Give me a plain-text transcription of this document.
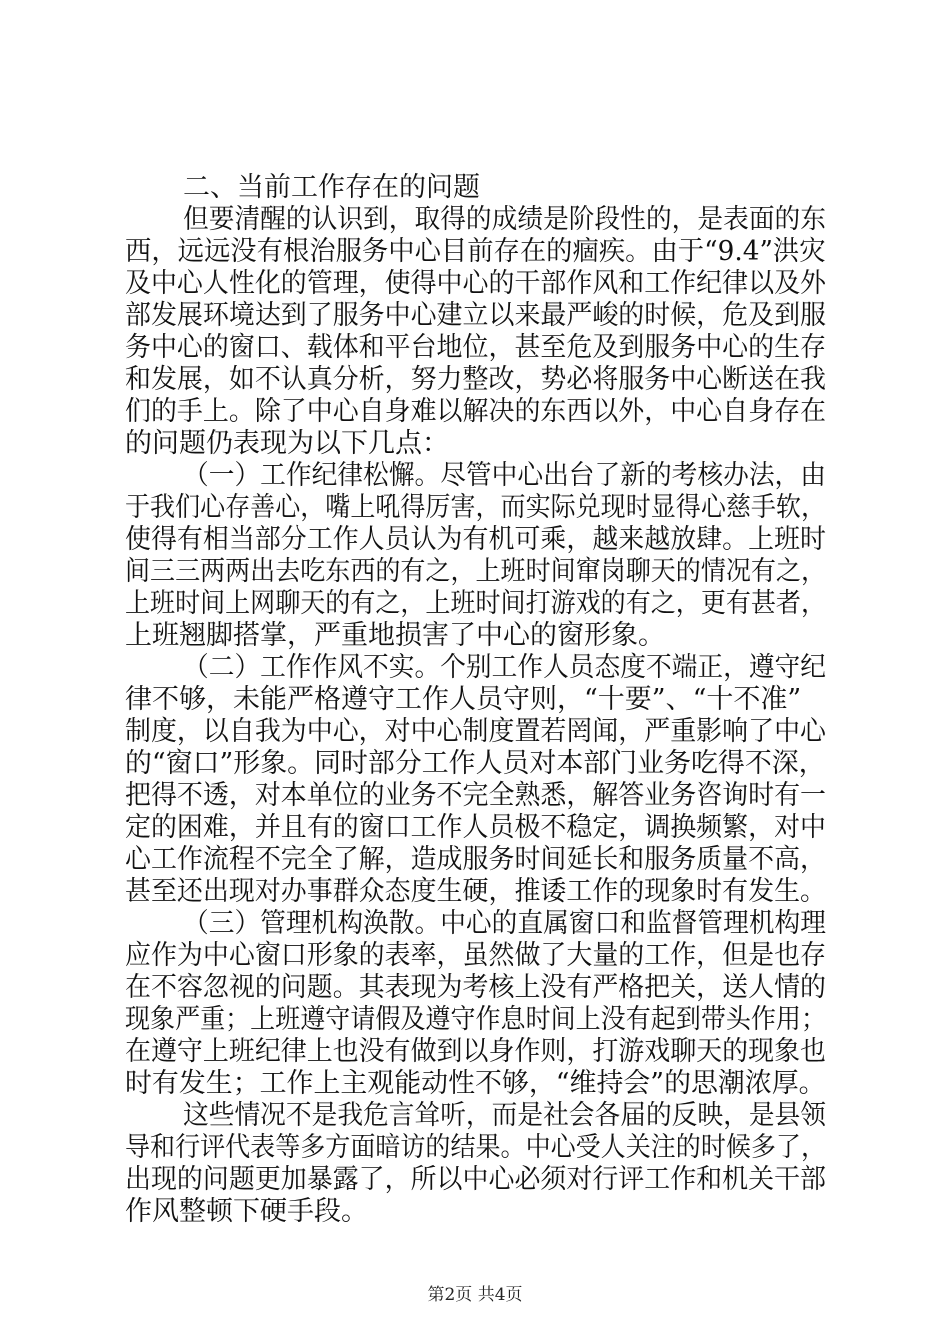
二、当前工作存在的问题
但要清醒的认识到，取得的成绩是阶段性的，是表面的东
西，远远没有根治服务中心目前存在的痼疾。由于“9.4”洪灾
及中心人性化的管理，使得中心的干部作风和工作纪律以及外
部发展环境达到了服务中心建立以来最严峻的时候，危及到服
务中心的窗口、载体和平台地位，甚至危及到服务中心的生存
和发展，如不认真分析，努力整改，势必将服务中心断送在我
们的手上。除了中心自身难以解决的东西以外，中心自身存在
的问题仍表现为以下几点：
（一）工作纪律松懈。尽管中心出台了新的考核办法，由
于我们心存善心，嘴上吼得厉害，而实际兑现时显得心慈手软，
使得有相当部分工作人员认为有机可乘，越来越放肆。上班时
间三三两两出去吃东西的有之，上班时间窜岗聊天的情况有之，
上班时间上网聊天的有之，上班时间打游戏的有之，更有甚者，
上班翘脚搭掌，严重地损害了中心的窗形象。
（二）工作作风不实。个别工作人员态度不端正，遵守纪
律不够，未能严格遵守工作人员守则，“十要”、“十不准”
制度，以自我为中心，对中心制度置若罔闻，严重影响了中心
的“窗口”形象。同时部分工作人员对本部门业务吃得不深，
把得不透，对本单位的业务不完全熟悉，解答业务咨询时有一
定的困难，并且有的窗口工作人员极不稳定，调换频繁，对中
心工作流程不完全了解，造成服务时间延长和服务质量不高，
甚至还出现对办事群众态度生硬，推诿工作的现象时有发生。
（三）管理机构涣散。中心的直属窗口和监督管理机构理
应作为中心窗口形象的表率，虽然做了大量的工作，但是也存
在不容忽视的问题。其表现为考核上没有严格把关，送人情的
现象严重；上班遵守请假及遵守作息时间上没有起到带头作用；
在遵守上班纪律上也没有做到以身作则，打游戏聊天的现象也
时有发生；工作上主观能动性不够，“维持会”的思潮浓厚。
这些情况不是我危言耸听，而是社会各届的反映，是县领
导和行评代表等多方面暗访的结果。中心受人关注的时候多了，
出现的问题更加暴露了，所以中心必须对行评工作和机关干部
作风整顿下硬手段。
第2页 共4页
